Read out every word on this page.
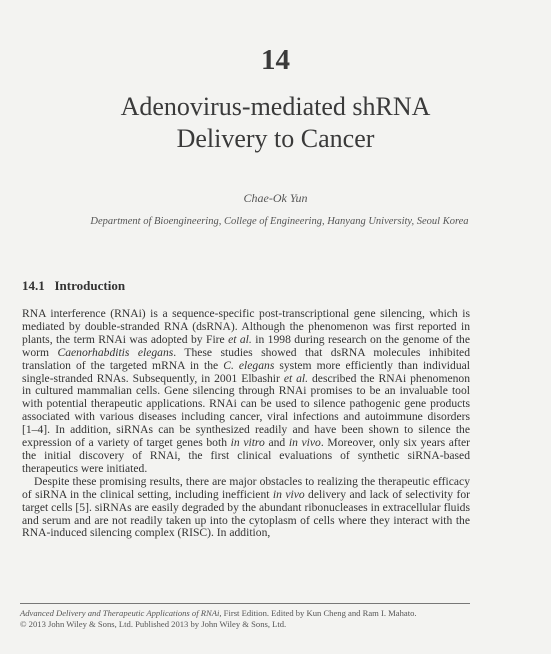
14
Adenovirus-mediated shRNA
Delivery to Cancer
Chae-Ok Yun
Department of Bioengineering, College of Engineering, Hanyang University, Seoul Korea
14.1 Introduction

RNA interference (RNAi) is a sequence-specific post-transcriptional gene silencing, which is mediated by double-stranded RNA (dsRNA). Although the phenomenon was first reported in plants, the term RNAi was adopted by Fire et al. in 1998 during research on the genome of the worm Caenorhabditis elegans. These studies showed that dsRNA molecules inhibited translation of the targeted mRNA in the C. elegans system more efficiently than individual single-stranded RNAs. Subsequently, in 2001 Elbashir et al. described the RNAi phenomenon in cultured mammalian cells. Gene silencing through RNAi promises to be an invaluable tool with potential therapeutic applications. RNAi can be used to silence pathogenic gene products associated with various diseases including cancer, viral infections and autoimmune disorders [1–4]. In addition, siRNAs can be synthesized readily and have been shown to silence the expression of a variety of target genes both in vitro and in vivo. Moreover, only six years after the initial discovery of RNAi, the first clinical evaluations of synthetic siRNA-based therapeutics were initiated.

Despite these promising results, there are major obstacles to realizing the therapeutic efficacy of siRNA in the clinical setting, including inefficient in vivo delivery and lack of selectivity for target cells [5]. siRNAs are easily degraded by the abundant ribonucleases in extracellular fluids and serum and are not readily taken up into the cytoplasm of cells where they interact with the RNA-induced silencing complex (RISC). In addition,

Advanced Delivery and Therapeutic Applications of RNAi, First Edition. Edited by Kun Cheng and Ram I. Mahato.
© 2013 John Wiley & Sons, Ltd. Published 2013 by John Wiley & Sons, Ltd.
